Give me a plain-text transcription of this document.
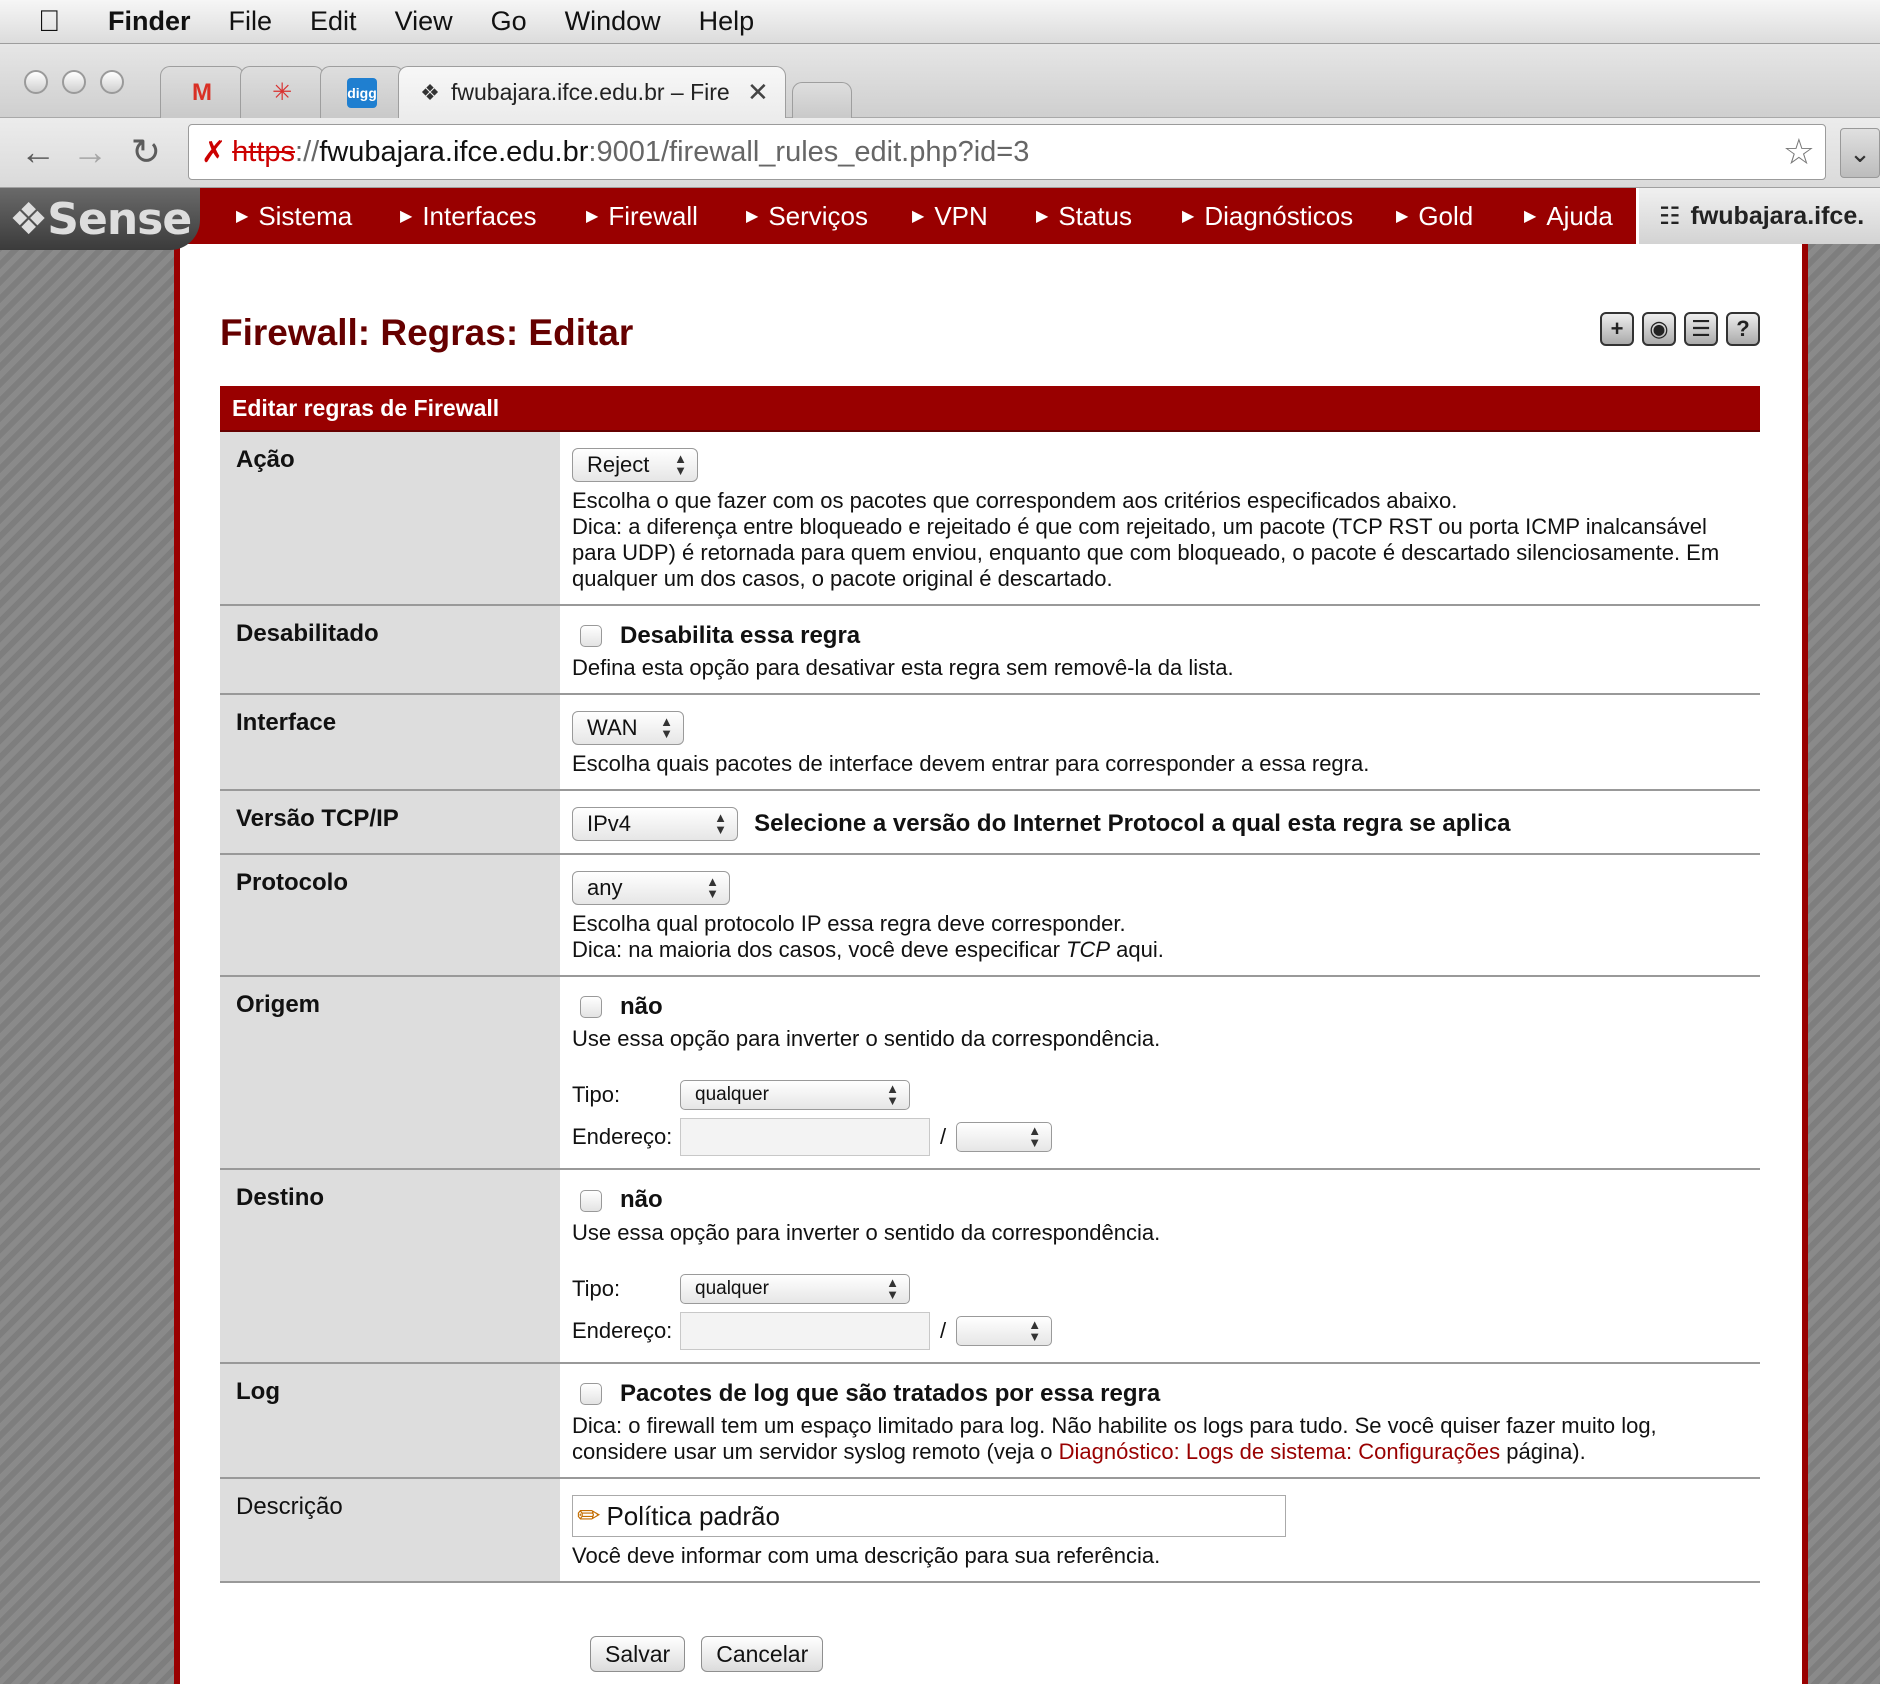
Finder File Edit View Go Window Help
M ✳	digg ❖ fwubajara.ifce.edu.br – Fire ✕
← → ↻ ✗ https :// fwubajara.ifce.edu.br :9001/firewall_rules_edit.php?id=3	☆	⌄
❖ Sense	▶ Sistema	▶ Interfaces	▶ Firewall	▶ Serviços	▶ VPN	▶ Status	▶ Diagnósticos	▶ Gold	▶ Ajuda ☷ fwubajara.ifce.
Firewall: Regras: Editar	+	◉	☰	?
Editar regras de Firewall
Ação	Reject ▲
▼
Escolha o que fazer com os pacotes que correspondem aos critérios especificados abaixo.
Dica: a diferença entre bloqueado e rejeitado é que com rejeitado, um pacote (TCP RST ou porta ICMP inalcansável para UDP) é retornada para quem enviou, enquanto que com bloqueado, o pacote é descartado silenciosamente. Em qualquer um dos casos, o pacote original é descartado.
Desabilitado	Desabilita essa regra
Defina esta opção para desativar esta regra sem removê-la da lista.
Interface	WAN ▲
▼
Escolha quais pacotes de interface devem entrar para corresponder a essa regra.
Versão TCP/IP	IPv4	▲
▼ Selecione a versão do Internet Protocol a qual esta regra se aplica
Protocolo	any	▲
▼
Escolha qual protocolo IP essa regra deve corresponder.
Dica: na maioria dos casos, você deve especificar TCP aqui.
Origem	não
Use essa opção para inverter o sentido da correspondência.
Tipo:	qualquer	▲
▼
Endereço:	/	▲
▼
Destino	não
Use essa opção para inverter o sentido da correspondência.
Tipo:	qualquer	▲
▼
Endereço:	/	▲
▼
Log	Pacotes de log que são tratados por essa regra
Dica: o firewall tem um espaço limitado para log. Não habilite os logs para tudo. Se você quiser fazer muito log, considere usar um servidor syslog remoto (veja o Diagnóstico: Logs de sistema: Configurações página).
Descrição	✏ Política padrão
Você deve informar com uma descrição para sua referência.
Salvar	Cancelar
